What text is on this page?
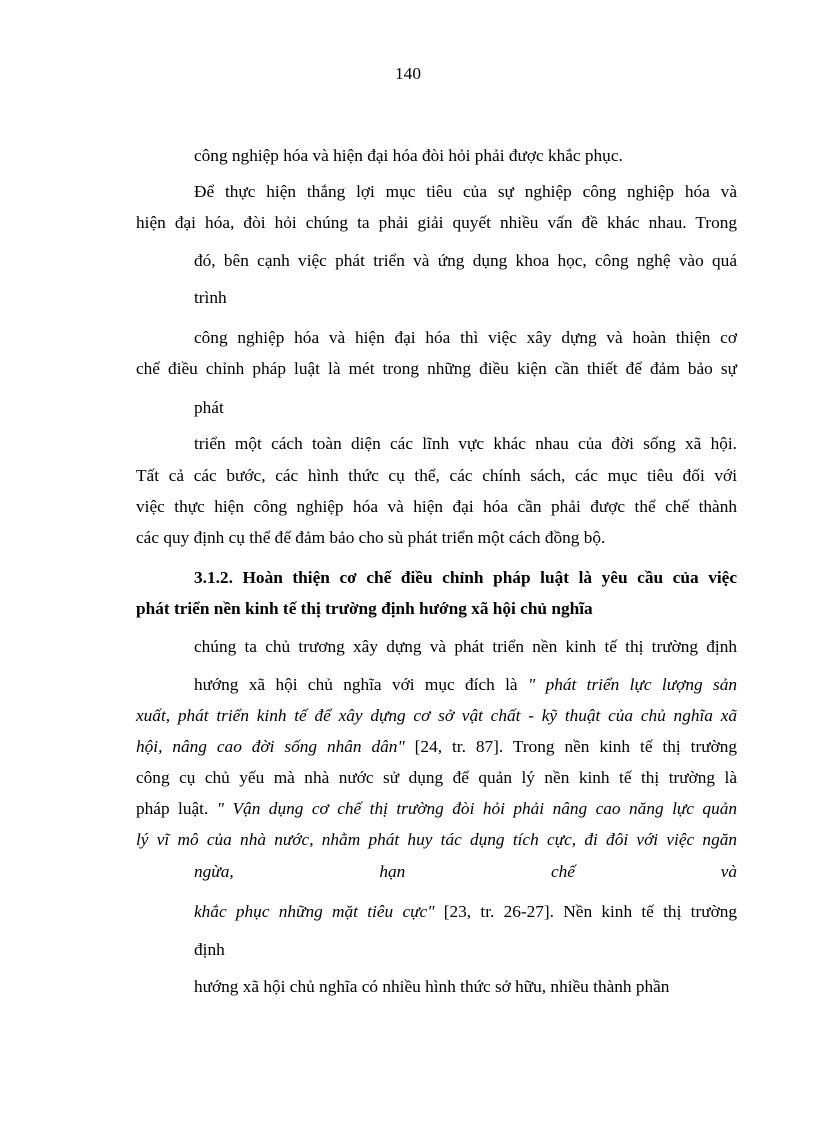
140
công nghiệp hóa và hiện đại hóa đòi hỏi phải được khắc phục.
Để thực hiện thắng lợi mục tiêu của sự nghiệp công nghiệp hóa và
hiện đại hóa, đòi hỏi chúng ta phải giải quyết nhiều vấn đề khác nhau. Trong
đó, bên cạnh việc phát triển và ứng dụng khoa học, công nghệ vào quá
trình
công nghiệp hóa và hiện đại hóa thì việc xây dựng và hoàn thiện cơ
chế điều chỉnh pháp luật là mét trong những điều kiện cần thiết để đảm bảo sự
phát
triển một cách toàn diện các lĩnh vực khác nhau của đời sống xã hội.
Tất cả các bước, các hình thức cụ thể, các chính sách, các mục tiêu đối với
việc thực hiện công nghiệp hóa và hiện đại hóa cần phải được thể chế thành
các quy định cụ thể để đảm bảo cho sù phát triển một cách đồng bộ.
3.1.2. Hoàn thiện cơ chế điều chỉnh pháp luật là yêu cầu của việc
phát triển nền kinh tế thị trường định hướng xã hội chủ nghĩa
chúng ta chủ trương xây dựng và phát triển nền kinh tế thị trường định
hướng xã hội chủ nghĩa với mục đích là " phát triển lực lượng sản
xuất, phát triển kinh tế để xây dựng cơ sở vật chất - kỹ thuật của chủ nghĩa xã
hội, nâng cao đời sống nhân dân" [24, tr. 87]. Trong nền kinh tế thị trường
công cụ chủ yếu mà nhà nước sử dụng để quản lý nền kinh tế thị trường là
pháp luật. " Vận dụng cơ chế thị trường đòi hỏi phải nâng cao năng lực quản
lý vĩ mô của nhà nước, nhằm phát huy tác dụng tích cực, đi đôi với việc ngăn
ngừa,	hạn	chế	và
khắc phục những mặt tiêu cực" [23, tr. 26-27]. Nền kinh tế thị trường
định
hướng xã hội chủ nghĩa có nhiều hình thức sở hữu, nhiều thành phần
